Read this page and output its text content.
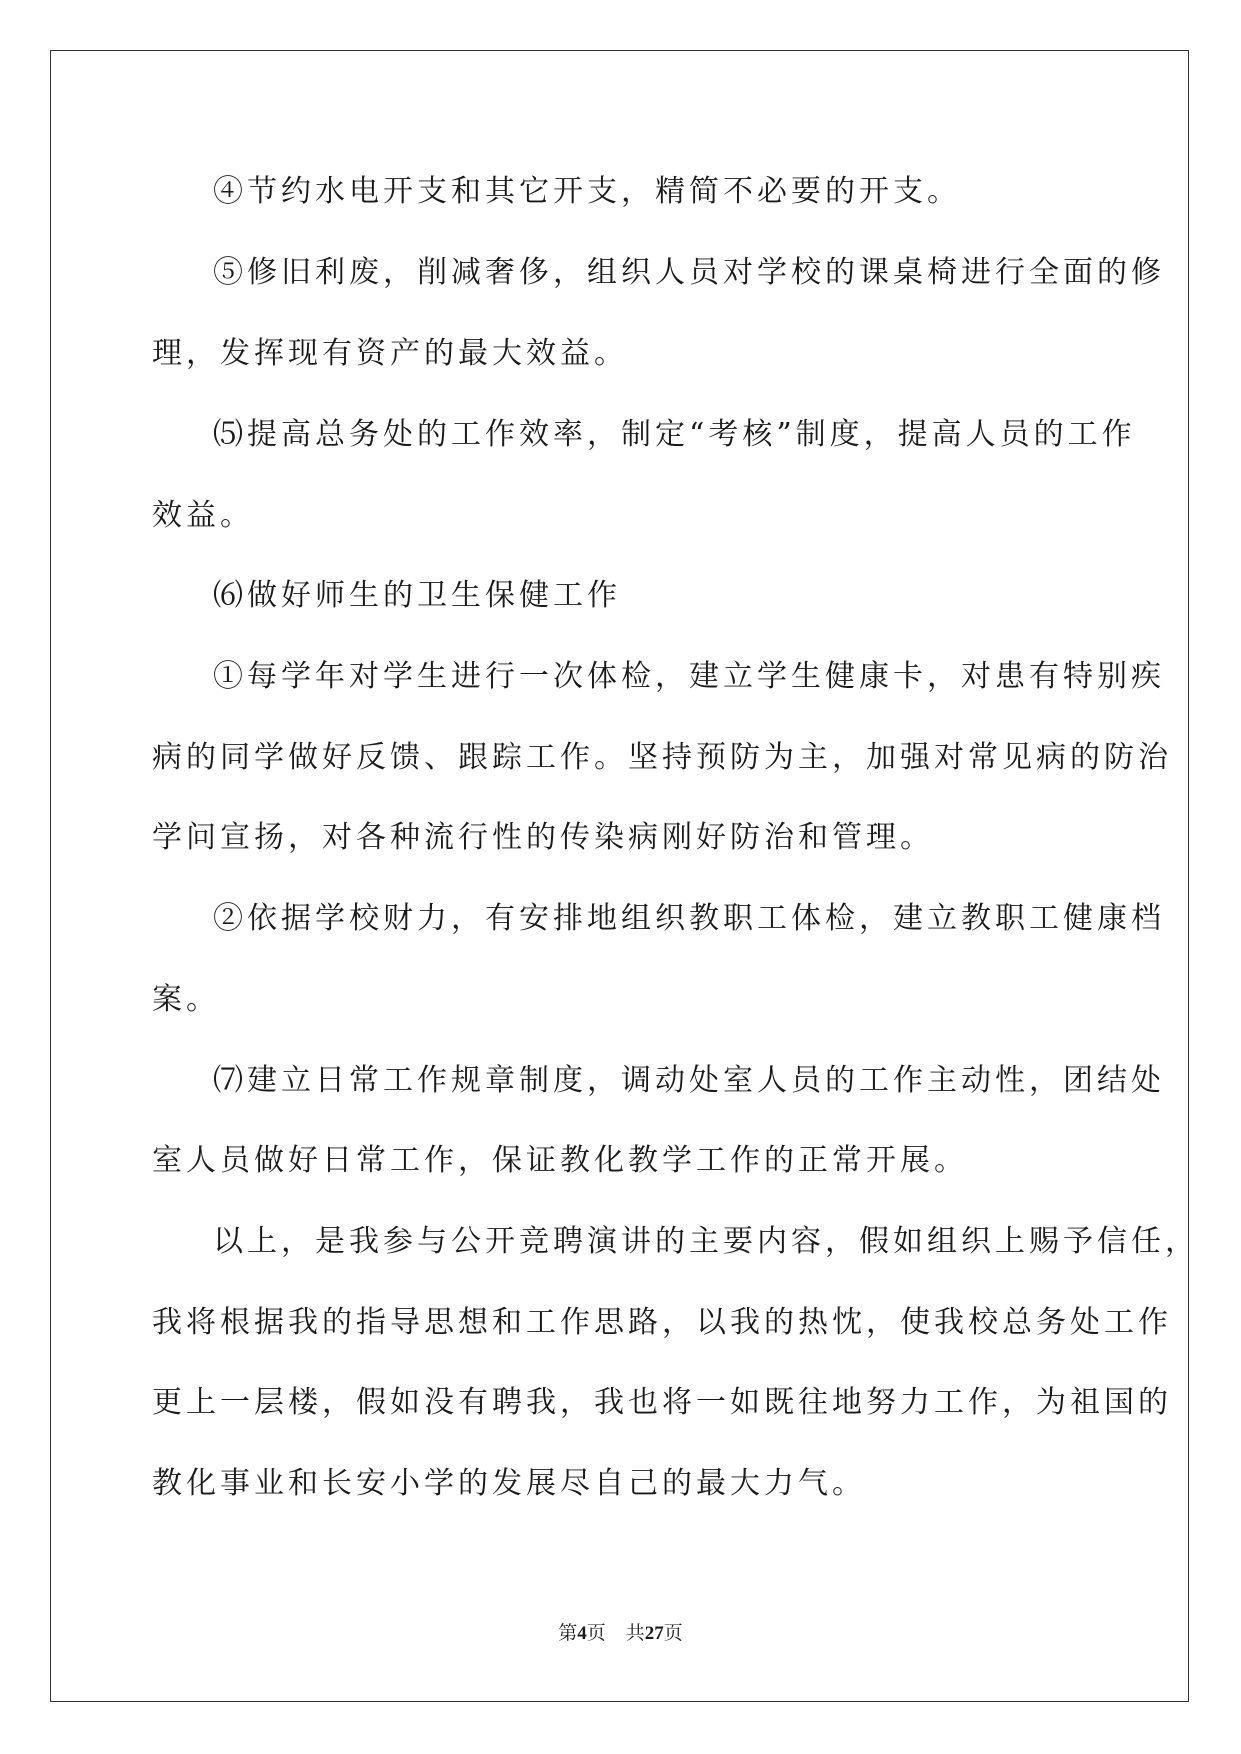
④节约水电开支和其它开支，精简不必要的开支。
⑤修旧利废，削减奢侈，组织人员对学校的课桌椅进行全面的修
理，发挥现有资产的最大效益。
⑸提高总务处的工作效率，制定“考核”制度，提高人员的工作
效益。
⑹做好师生的卫生保健工作
①每学年对学生进行一次体检，建立学生健康卡，对患有特别疾
病的同学做好反馈、跟踪工作。坚持预防为主，加强对常见病的防治
学问宣扬，对各种流行性的传染病刚好防治和管理。
②依据学校财力，有安排地组织教职工体检，建立教职工健康档
案。
⑺建立日常工作规章制度，调动处室人员的工作主动性，团结处
室人员做好日常工作，保证教化教学工作的正常开展。
以上，是我参与公开竞聘演讲的主要内容，假如组织上赐予信任，
我将根据我的指导思想和工作思路，以我的热忱，使我校总务处工作
更上一层楼，假如没有聘我，我也将一如既往地努力工作，为祖国的
教化事业和长安小学的发展尽自己的最大力气。
第4页 共27页
